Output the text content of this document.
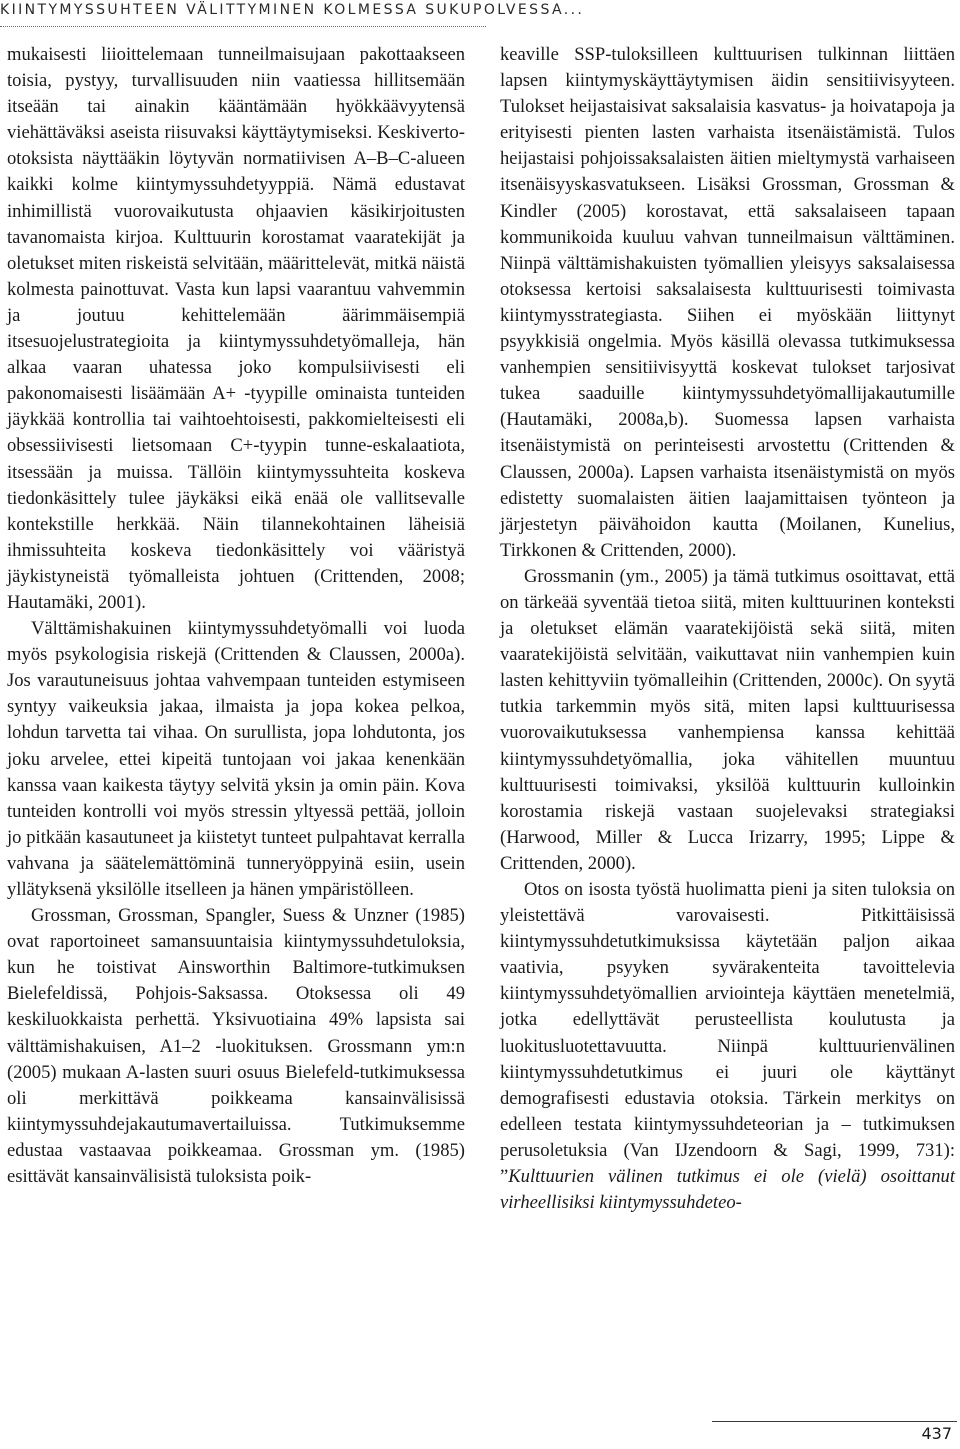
KIINTYMYSSUHTEEN VÄLITTYMINEN KOLMESSA SUKUPOLVESSA...

mukaisesti liioittelemaan tunneilmaisujaan pakottaakseen toisia, pystyy, turvallisuuden niin vaatiessa hillitsemään itseään tai ainakin kääntämään hyökkäävyytensä viehättäväksi aseista riisuvaksi käyttäytymiseksi. Keskiverto-otoksista näyttääkin löytyvän normatiivisen A–B–C-alueen kaikki kolme kiintymyssuhdetyyppiä. Nämä edustavat inhimillistä vuorovaikutusta ohjaavien käsikirjoitusten tavanomaista kirjoa. Kulttuurin korostamat vaaratekijät ja oletukset miten riskeistä selvitään, määrittelevät, mitkä näistä kolmesta painottuvat. Vasta kun lapsi vaarantuu vahvemmin ja joutuu kehittelemään äärimmäisempiä itsesuojelustrategioita ja kiintymyssuhdetyömalleja, hän alkaa vaaran uhatessa joko kompulsiivisesti eli pakonomaisesti lisäämään A+ -tyypille ominaista tunteiden jäykkää kontrollia tai vaihtoehtoisesti, pakkomielteisesti eli obsessiivisesti lietsomaan C+-tyypin tunne-eskalaatiota, itsessään ja muissa. Tällöin kiintymyssuhteita koskeva tiedonkäsittely tulee jäykäksi eikä enää ole vallitsevalle kontekstille herkkää. Näin tilannekohtainen läheisiä ihmissuhteita koskeva tiedonkäsittely voi vääristyä jäykistyneistä työmalleista johtuen (Crittenden, 2008; Hautamäki, 2001).

Välttämishakuinen kiintymyssuhdetyömalli voi luoda myös psykologisia riskejä (Crittenden & Claussen, 2000a). Jos varautuneisuus johtaa vahvempaan tunteiden estymiseen syntyy vaikeuksia jakaa, ilmaista ja jopa kokea pelkoa, lohdun tarvetta tai vihaa. On surullista, jopa lohdutonta, jos joku arvelee, ettei kipeitä tuntojaan voi jakaa kenenkään kanssa vaan kaikesta täytyy selvitä yksin ja omin päin. Kova tunteiden kontrolli voi myös stressin yltyessä pettää, jolloin jo pitkään kasautuneet ja kiistetyt tunteet pulpahtavat kerralla vahvana ja säätelemättöminä tunneryöppyinä esiin, usein yllätyksenä yksilölle itselleen ja hänen ympäristölleen.

Grossman, Grossman, Spangler, Suess & Unzner (1985) ovat raportoineet samansuuntaisia kiintymyssuhdetuloksia, kun he toistivat Ainsworthin Baltimore-tutkimuksen Bielefeldissä, Pohjois-Saksassa. Otoksessa oli 49 keskiluokkaista perhettä. Yksivuotiaina 49% lapsista sai välttämishakuisen, A1–2 -luokituksen. Grossmann ym:n (2005) mukaan A-lasten suuri osuus Bielefeld-tutkimuksessa oli merkittävä poikkeama kansainvälisissä kiintymyssuhdejakautumavertailuissa. Tutkimuksemme edustaa vastaavaa poikkeamaa. Grossman ym. (1985) esittävät kansainvälisistä tuloksista poik-

keaville SSP-tuloksilleen kulttuurisen tulkinnan liittäen lapsen kiintymyskäyttäytymisen äidin sensitiivisyyteen. Tulokset heijastaisivat saksalaisia kasvatus- ja hoivatapoja ja erityisesti pienten lasten varhaista itsenäistämistä. Tulos heijastaisi pohjoissaksalaisten äitien mieltymystä varhaiseen itsenäisyyskasvatukseen. Lisäksi Grossman, Grossman & Kindler (2005) korostavat, että saksalaiseen tapaan kommunikoida kuuluu vahvan tunneilmaisun välttäminen. Niinpä välttämishakuisten työmallien yleisyys saksalaisessa otoksessa kertoisi saksalaisesta kulttuurisesti toimivasta kiintymysstrategiasta. Siihen ei myöskään liittynyt psyykkisiä ongelmia. Myös käsillä olevassa tutkimuksessa vanhempien sensitiivisyyttä koskevat tulokset tarjosivat tukea saaduille kiintymyssuhdetyömallijakautumille (Hautamäki, 2008a,b). Suomessa lapsen varhaista itsenäistymistä on perinteisesti arvostettu (Crittenden & Claussen, 2000a). Lapsen varhaista itsenäistymistä on myös edistetty suomalaisten äitien laajamittaisen työnteon ja järjestetyn päivähoidon kautta (Moilanen, Kunelius, Tirkkonen & Crittenden, 2000).

Grossmanin (ym., 2005) ja tämä tutkimus osoittavat, että on tärkeää syventää tietoa siitä, miten kulttuurinen konteksti ja oletukset elämän vaaratekijöistä sekä siitä, miten vaaratekijöistä selvitään, vaikuttavat niin vanhempien kuin lasten kehittyviin työmalleihin (Crittenden, 2000c). On syytä tutkia tarkemmin myös sitä, miten lapsi kulttuurisessa vuorovaikutuksessa vanhempiensa kanssa kehittää kiintymyssuhdetyömallia, joka vähitellen muuntuu kulttuurisesti toimivaksi, yksilöä kulttuurin kulloinkin korostamia riskejä vastaan suojelevaksi strategiaksi (Harwood, Miller & Lucca Irizarry, 1995; Lippe & Crittenden, 2000).

Otos on isosta työstä huolimatta pieni ja siten tuloksia on yleistettävä varovaisesti. Pitkittäisissä kiintymyssuhdetutkimuksissa käytetään paljon aikaa vaativia, psyyken syvärakenteita tavoittelevia kiintymyssuhdetyömallien arviointeja käyttäen menetelmiä, jotka edellyttävät perusteellista koulutusta ja luokitusluotettavuutta. Niinpä kulttuurienvälinen kiintymyssuhdetutkimus ei juuri ole käyttänyt demografisesti edustavia otoksia. Tärkein merkitys on edelleen testata kiintymyssuhdeteorian ja – tutkimuksen perusoletuksia (Van IJzendoorn & Sagi, 1999, 731): ”Kulttuurien välinen tutkimus ei ole (vielä) osoittanut virheellisiksi kiintymyssuhdeteo-

437
